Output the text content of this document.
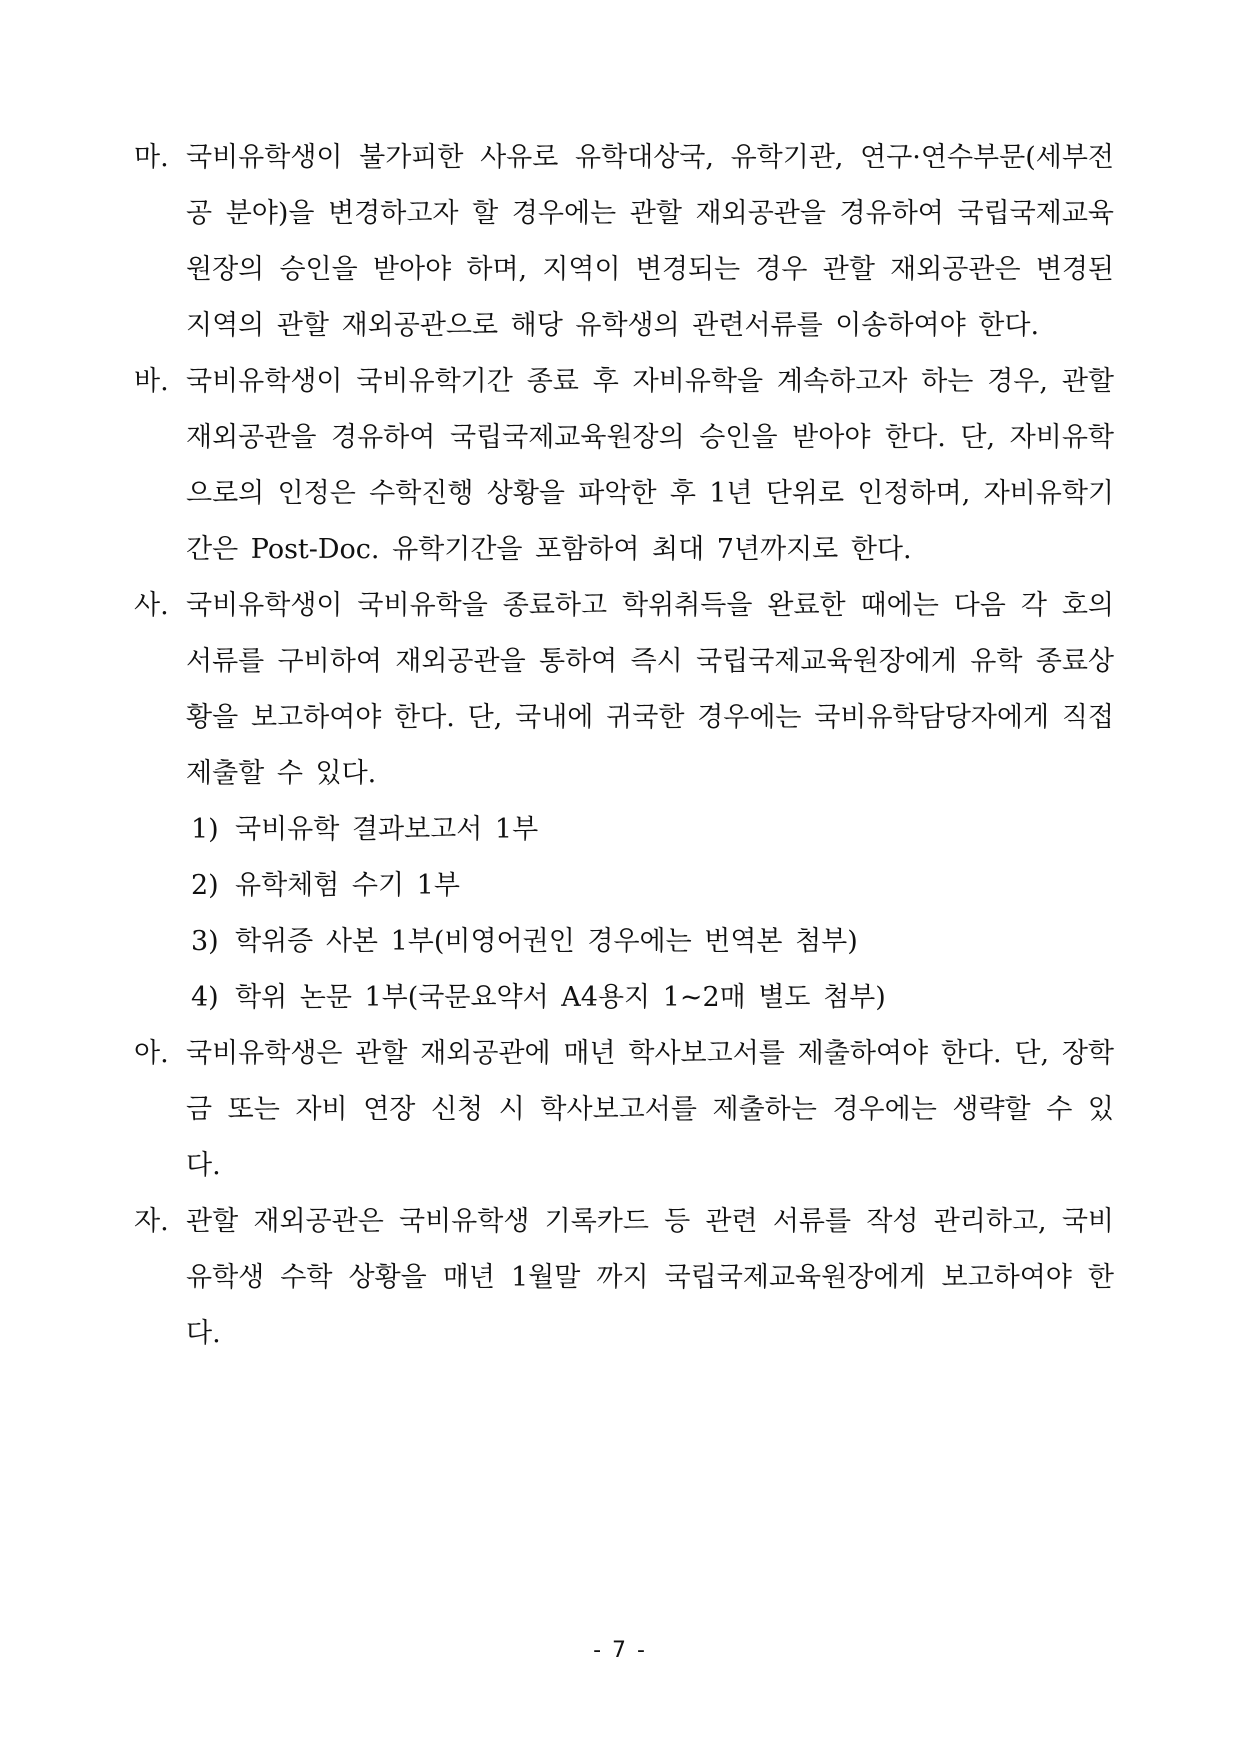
마. 국비유학생이 불가피한 사유로 유학대상국, 유학기관, 연구·연수부문(세부전공 분야)을 변경하고자 할 경우에는 관할 재외공관을 경유하여 국립국제교육원장의 승인을 받아야 하며, 지역이 변경되는 경우 관할 재외공관은 변경된 지역의 관할 재외공관으로 해당 유학생의 관련서류를 이송하여야 한다.
바. 국비유학생이 국비유학기간 종료 후 자비유학을 계속하고자 하는 경우, 관할 재외공관을 경유하여 국립국제교육원장의 승인을 받아야 한다. 단, 자비유학으로의 인정은 수학진행 상황을 파악한 후 1년 단위로 인정하며, 자비유학기간은 Post-Doc. 유학기간을 포함하여 최대 7년까지로 한다.
사. 국비유학생이 국비유학을 종료하고 학위취득을 완료한 때에는 다음 각 호의 서류를 구비하여 재외공관을 통하여 즉시 국립국제교육원장에게 유학 종료상황을 보고하여야 한다. 단, 국내에 귀국한 경우에는 국비유학담당자에게 직접 제출할 수 있다.
1) 국비유학 결과보고서 1부
2) 유학체험 수기 1부
3) 학위증 사본 1부(비영어권인 경우에는 번역본 첨부)
4) 학위 논문 1부(국문요약서 A4용지 1~2매 별도 첨부)
아. 국비유학생은 관할 재외공관에 매년 학사보고서를 제출하여야 한다. 단, 장학금 또는 자비 연장 신청 시 학사보고서를 제출하는 경우에는 생략할 수 있다.
자. 관할 재외공관은 국비유학생 기록카드 등 관련 서류를 작성 관리하고, 국비유학생 수학 상황을 매년 1월말 까지 국립국제교육원장에게 보고하여야 한다.
- 7 -
